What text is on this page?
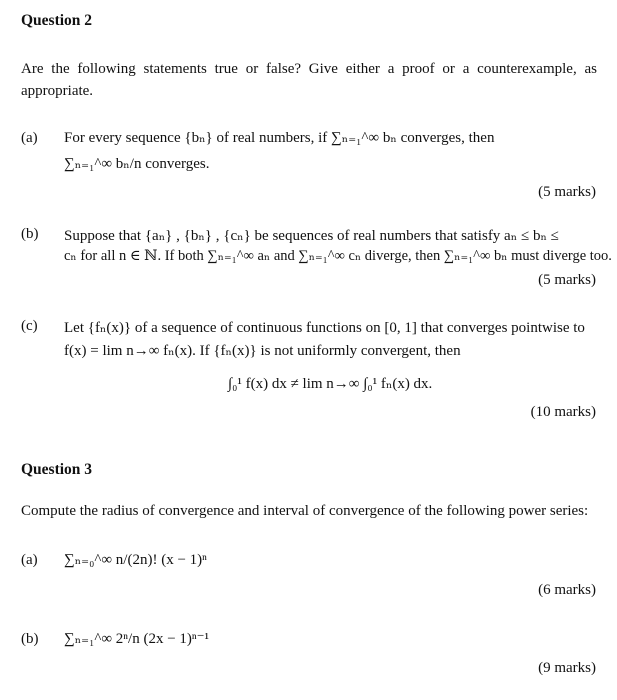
Question 2
Are the following statements true or false? Give either a proof or a counterexample, as
appropriate.
(a) For every sequence {bₙ} of real numbers, if ∑ₙ₌₁^∞ bₙ converges, then
∑ₙ₌₁^∞ bₙ/n converges.
(5 marks)
(b) Suppose that {aₙ} , {bₙ} , {cₙ} be sequences of real numbers that satisfy aₙ ≤ bₙ ≤
cₙ for all n ∈ ℕ. If both ∑ₙ₌₁^∞ aₙ and ∑ₙ₌₁^∞ cₙ diverge, then ∑ₙ₌₁^∞ bₙ must diverge too.
(5 marks)
(c) Let {fₙ(x)} of a sequence of continuous functions on [0, 1] that converges pointwise to
f(x) = lim n→∞ fₙ(x). If {fₙ(x)} is not uniformly convergent, then
∫₀¹ f(x) dx ≠ lim n→∞ ∫₀¹ fₙ(x) dx.
(10 marks)
Question 3
Compute the radius of convergence and interval of convergence of the following power series:
(a) ∑ₙ₌₀^∞ n/(2n)! (x − 1)ⁿ
(6 marks)
(b) ∑ₙ₌₁^∞ 2ⁿ/n (2x − 1)ⁿ⁻¹
(9 marks)
